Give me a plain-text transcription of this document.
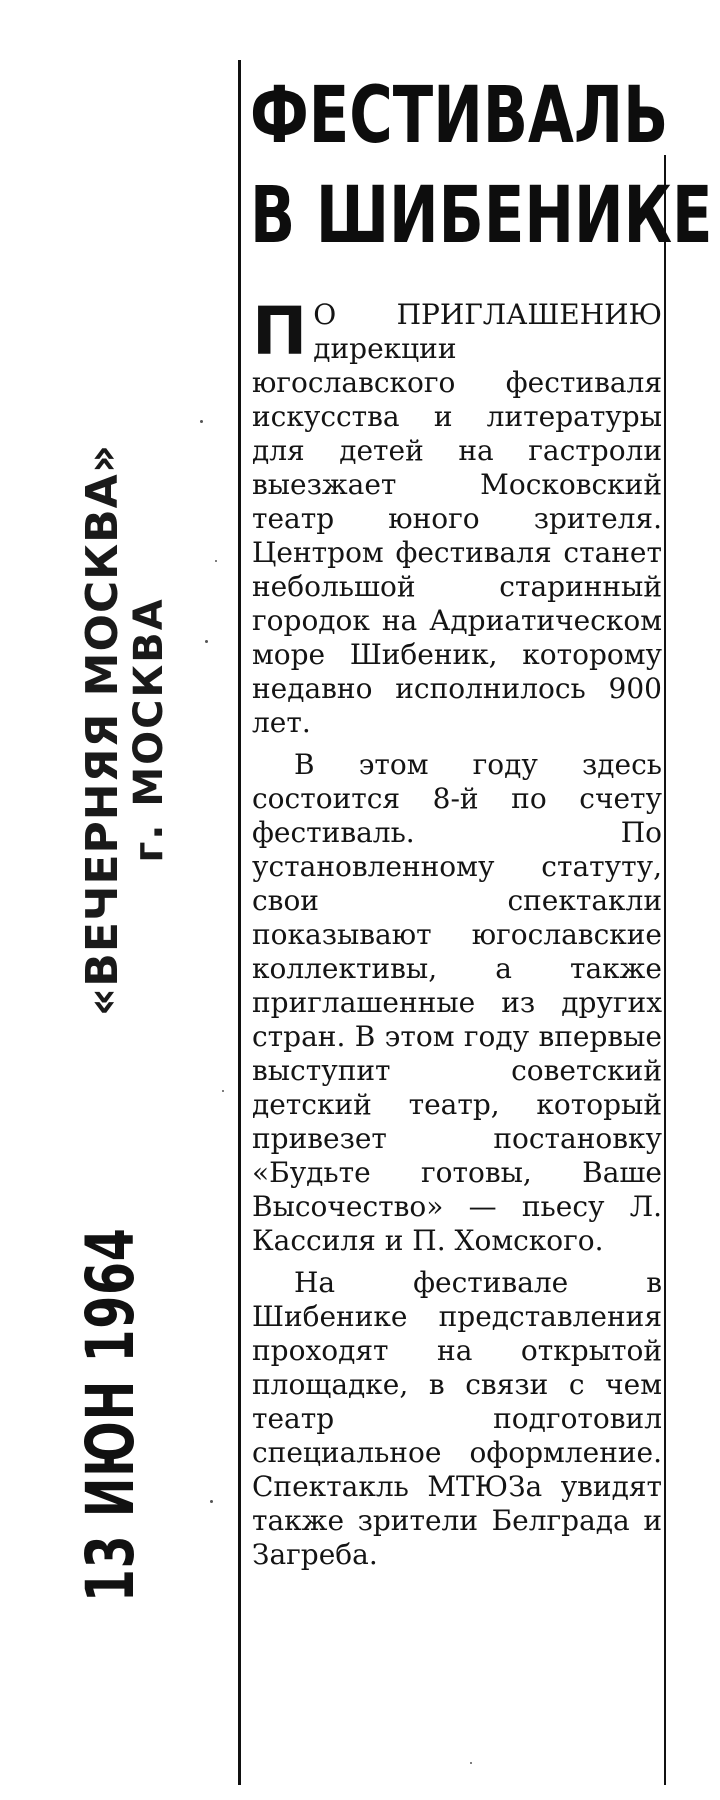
«ВЕЧЕРНЯЯ МОСКВА»
г. МОСКВА
13 ИЮН 1964
ФЕСТИВАЛЬ
В ШИБЕНИКЕ

П О ПРИГЛАШЕНИЮ дирекции югославского фестиваля искусства и литературы для детей на гастроли выезжает Московский театр юного зрителя. Центром фестиваля станет небольшой старинный городок на Адриатическом море Шибеник, которому недавно исполнилось 900 лет.

В этом году здесь состоится 8-й по счету фестиваль. По установленному статуту, свои спектакли показывают югославские коллективы, а также приглашенные из других стран. В этом году впервые выступит советский детский театр, который привезет постановку «Будьте готовы, Ваше Высочество» — пьесу Л. Кассиля и П. Хомского.

На фестивале в Шибенике представления проходят на открытой площадке, в связи с чем театр подготовил специальное оформление. Спектакль МТЮЗа увидят также зрители Белграда и Загреба.
